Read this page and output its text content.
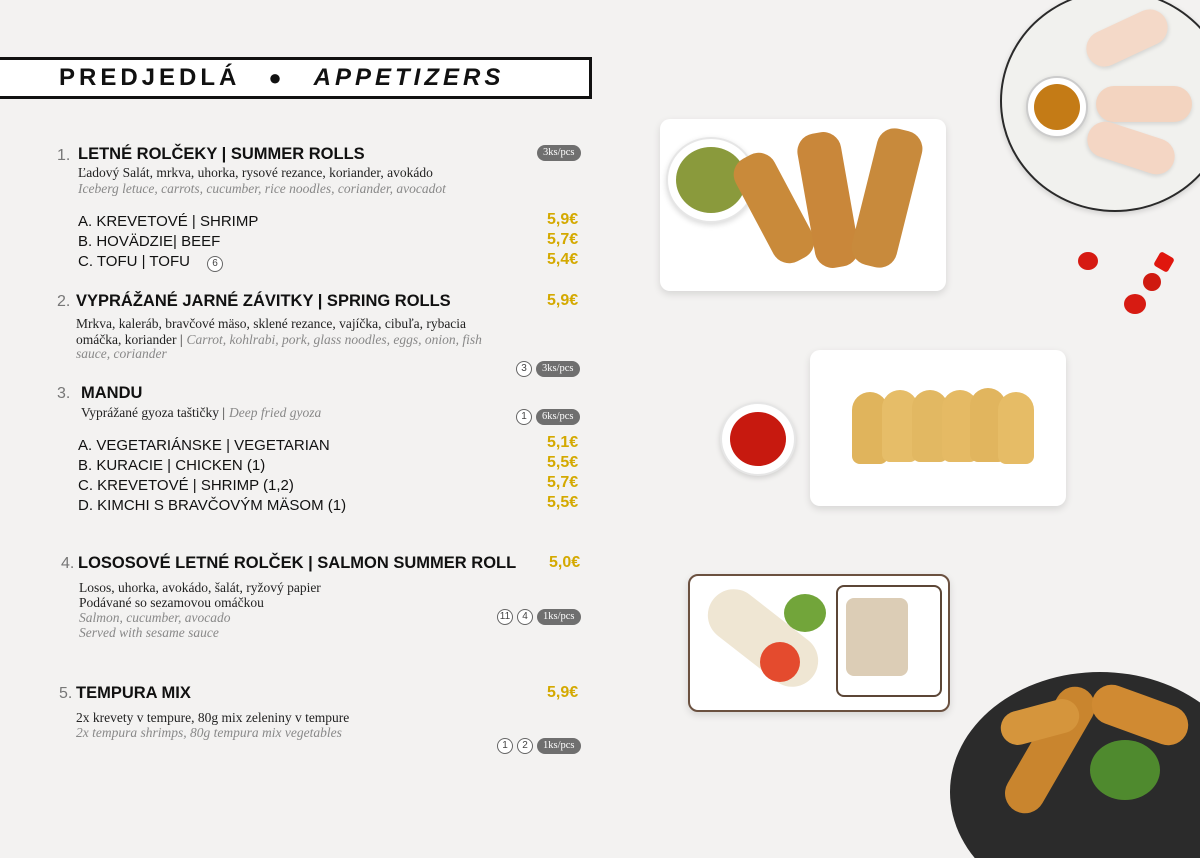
PREDJEDLÁ ● APPETIZERS
1. LETNÉ ROLČEKY | SUMMER ROLLS	3ks/pcs
Ľadový Salát, mrkva, uhorka, rysové rezance, koriander, avokádo
Iceberg letuce, carrots, cucumber, rice noodles, coriander, avocadot
A. KREVETOVÉ | SHRIMP	5,9€
B. HOVÄDZIE| BEEF	5,7€
C. TOFU | TOFU	6	5,4€
2. VYPRÁŽANÉ JARNÉ ZÁVITKY | SPRING ROLLS	5,9€
Mrkva, kaleráb, bravčové mäso, sklené rezance, vajíčka, cibuľa, rybacia
omáčka, koriander | Carrot, kohlrabi, pork, glass noodles, eggs, onion, fish
sauce, coriander
3	3ks/pcs
3. MANDU
Vyprážané gyoza taštičky | Deep fried gyoza	1	6ks/pcs
A. VEGETARIÁNSKE | VEGETARIAN	5,1€
B. KURACIE | CHICKEN (1)	5,5€
C. KREVETOVÉ | SHRIMP (1,2)	5,7€
D. KIMCHI S BRAVČOVÝM MÄSOM (1)	5,5€
4. LOSOSOVÉ LETNÉ ROLČEK | SALMON SUMMER ROLL 5,0€
Losos, uhorka, avokádo, šalát, ryžový papier
Podávané so sezamovou omáčkou
Salmon, cucumber, avocado
Served with sesame sauce
11	4	1ks/pcs
5. TEMPURA MIX	5,9€
2x krevety v tempure, 80g mix zeleniny v tempure
2x tempura shrimps, 80g tempura mix vegetables
1	2	1ks/pcs
